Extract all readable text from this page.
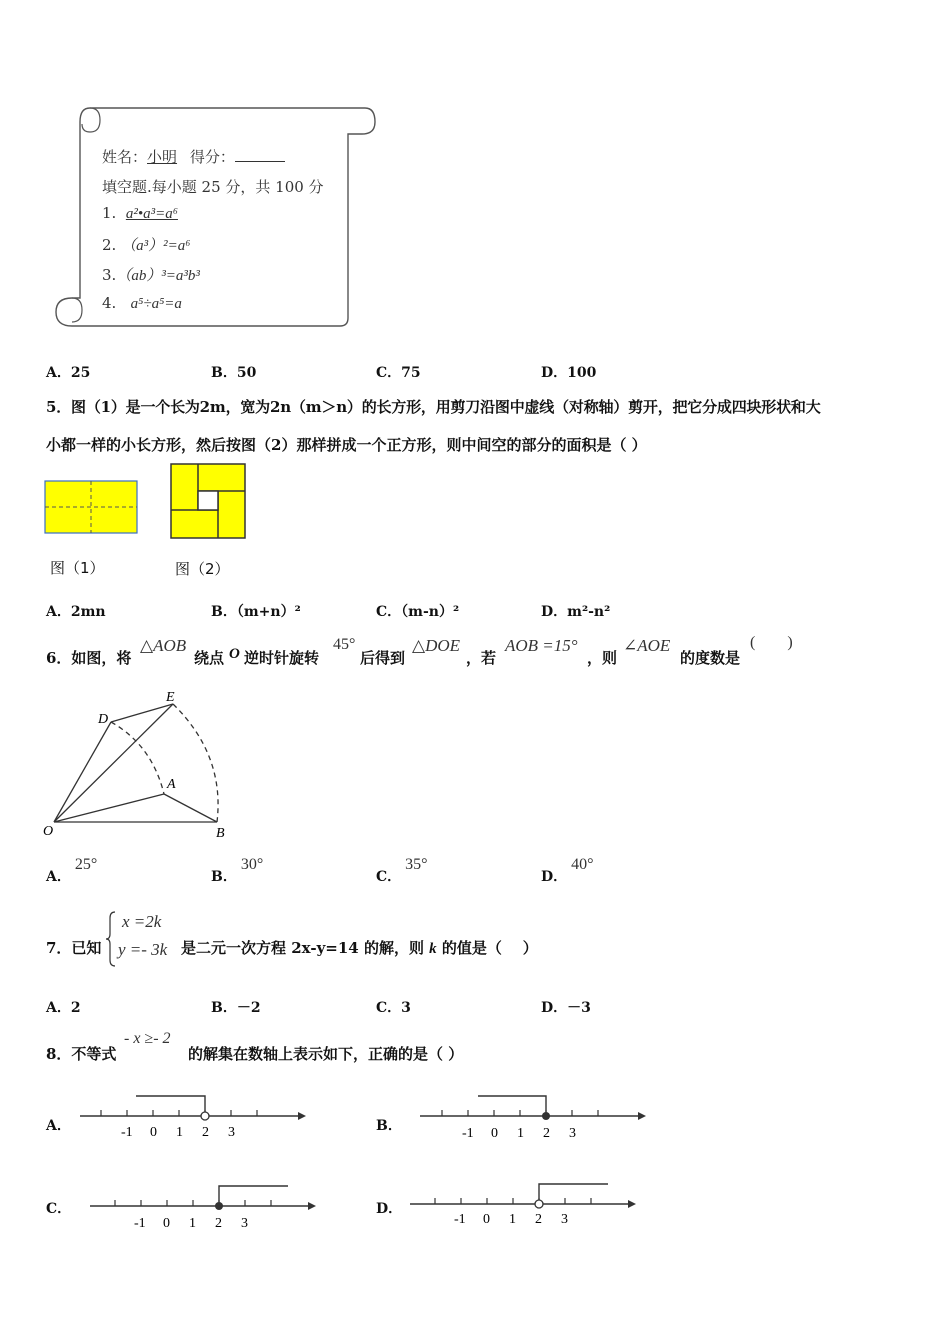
姓名：小明 得分：
填空题.每小题 25 分，共 100 分
1. a²•a³=a⁶
2. （a³）²=a⁶
3.（ab）³=a³b³
4. a⁵÷a⁵=a
A．25	B．50	C．75	D．100
5．图（1）是一个长为2m，宽为2n（m＞n）的长方形，用剪刀沿图中虚线（对称轴）剪开，把它分成四块形状和大
小都一样的小长方形，然后按图（2）那样拼成一个正方形，则中间空的部分的面积是（ ）
图（1）	图（2）
A．2mn	B．（m+n）²	C．（m-n）²	D．m²-n²
6．如图，将
△AOB
绕点 O 逆时针旋转
45°
后得到
△DOE
，若
AOB =15°
，则
∠AOE
的度数是
(        )
O	B
A
D
E
A．25°
B．30°
C．35°
D．40°
7．已知
x =2k
y =- 3k 是二元一次方程 2x-y=14 的解，则 k 的值是（    ）
A．2	B．－2	C．3	D．－3
8．不等式
- x ≥- 2
的解集在数轴上表示如下，正确的是（ ）
A．	-1 0 1 2 3	B．	-1 0 1 2 3
C．
-1 0 1 2 3
D．
-1 0 1 2 3
